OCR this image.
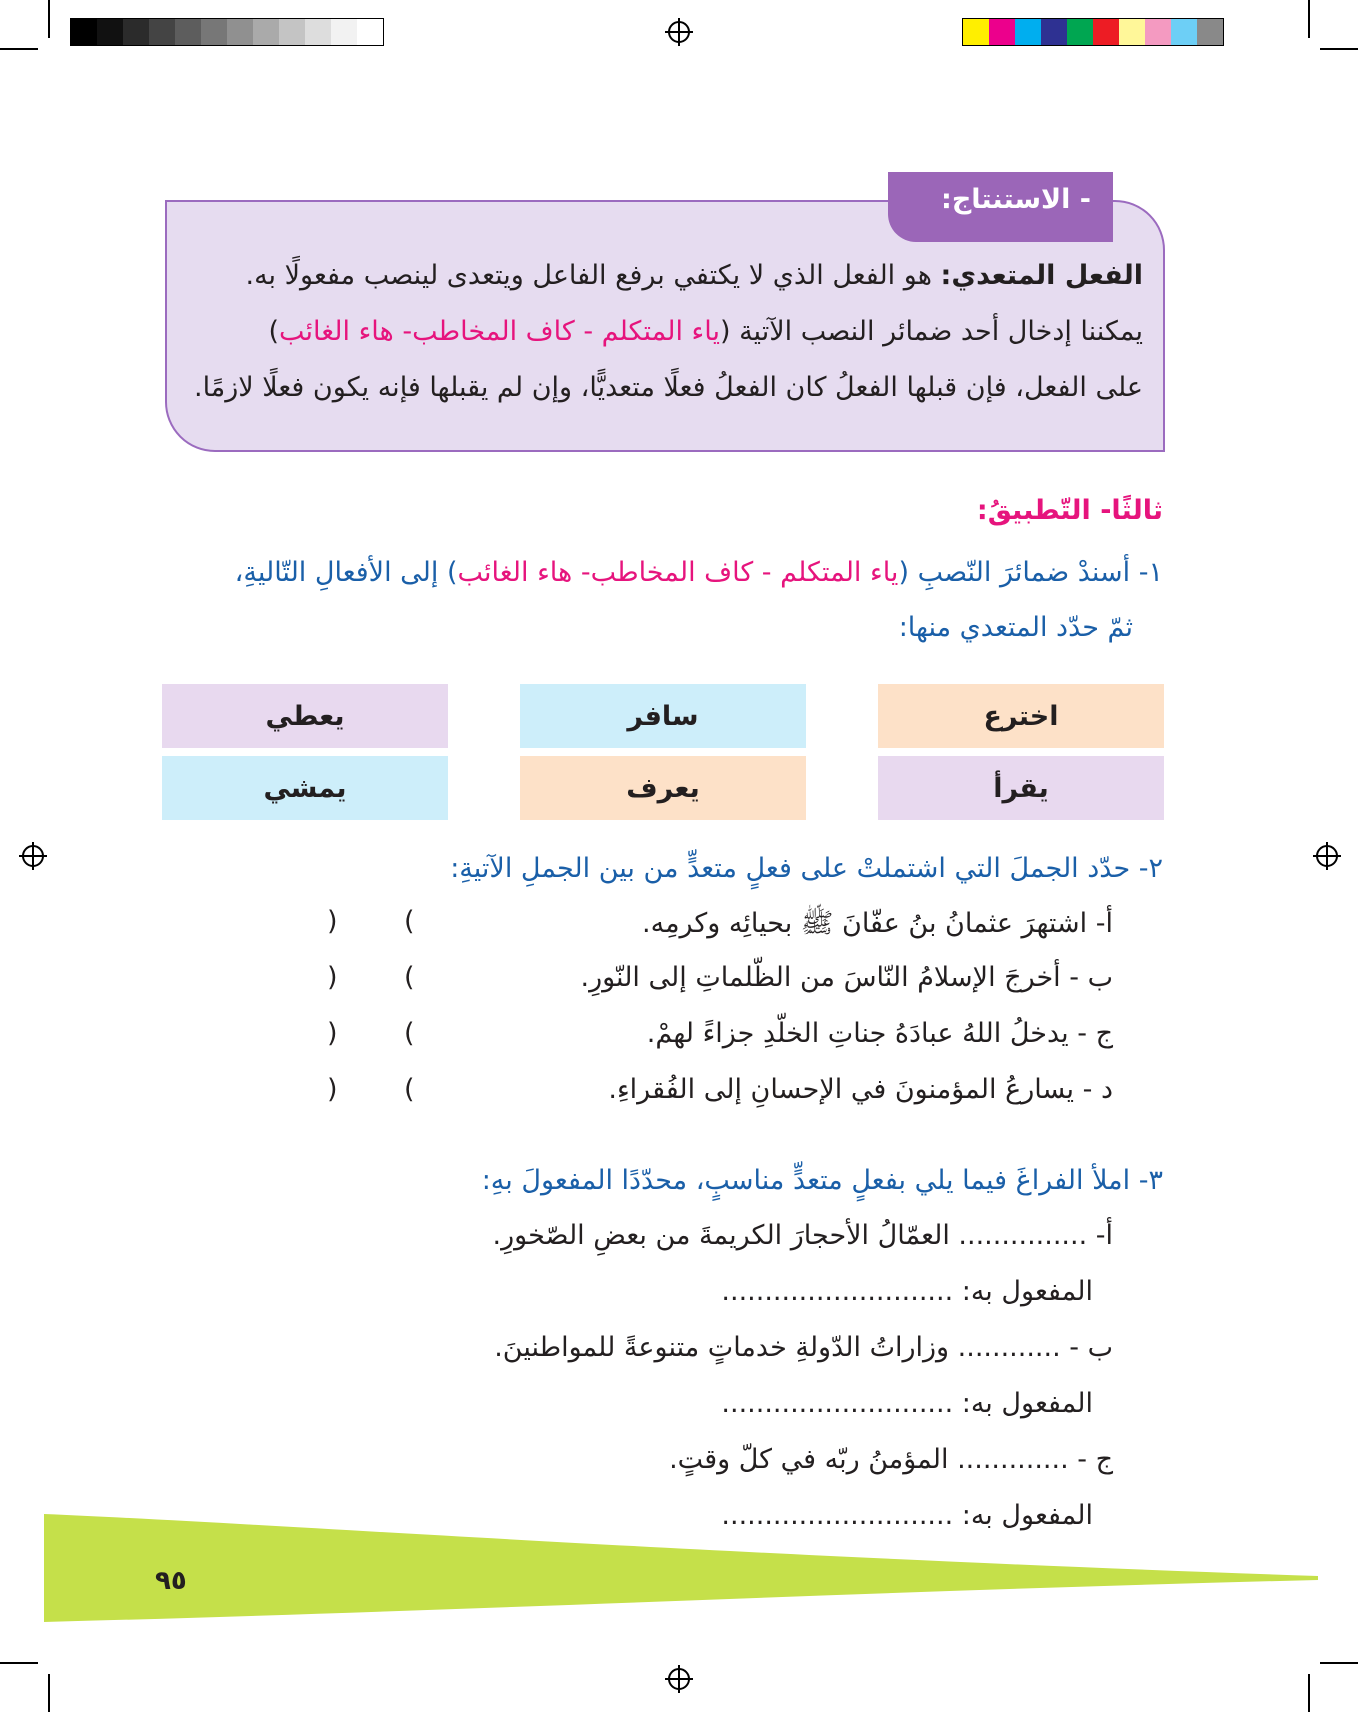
- الاستنتاج:
الفعل المتعدي: هو الفعل الذي لا يكتفي برفع الفاعل ويتعدى لينصب مفعولًا به.
يمكننا إدخال أحد ضمائر النصب الآتية (ياء المتكلم - كاف المخاطب- هاء الغائب)
على الفعل، فإن قبلها الفعلُ كان الفعلُ فعلًا متعديًّا، وإن لم يقبلها فإنه يكون فعلًا لازمًا.
ثالثًا- التّطبيقُ:
١- أسندْ ضمائرَ النّصبِ (ياء المتكلم - كاف المخاطب- هاء الغائب) إلى الأفعالِ التّاليةِ،
ثمّ حدّد المتعدي منها:
اخترع
سافر
يعطي
يقرأ
يعرف
يمشي
٢- حدّد الجملَ التي اشتملتْ على فعلٍ متعدٍّ من بين الجملِ الآتيةِ:
أ- اشتهرَ عثمانُ بنُ عفّانَ ﷺ بحيائِه وكرمِه.
ب - أخرجَ الإسلامُ النّاسَ من الظّلماتِ إلى النّورِ.
ج - يدخلُ اللهُ عبادَهُ جناتِ الخلّدِ جزاءً لهمْ.
د - يسارعُ المؤمنونَ في الإحسانِ إلى الفُقراءِ.
(
)
(
)
(
)
(
)
٣- املأ الفراغَ فيما يلي بفعلٍ متعدٍّ مناسبٍ، محدّدًا المفعولَ بهِ:
أ- ............... العمّالُ الأحجارَ الكريمةَ من بعضِ الصّخورِ.
المفعول به: ...........................
ب - ............ وزاراتُ الدّولةِ خدماتٍ متنوعةً للمواطنينَ.
المفعول به: ...........................
ج - ............. المؤمنُ ربّه في كلّ وقتٍ.
المفعول به: ...........................
٩٥
